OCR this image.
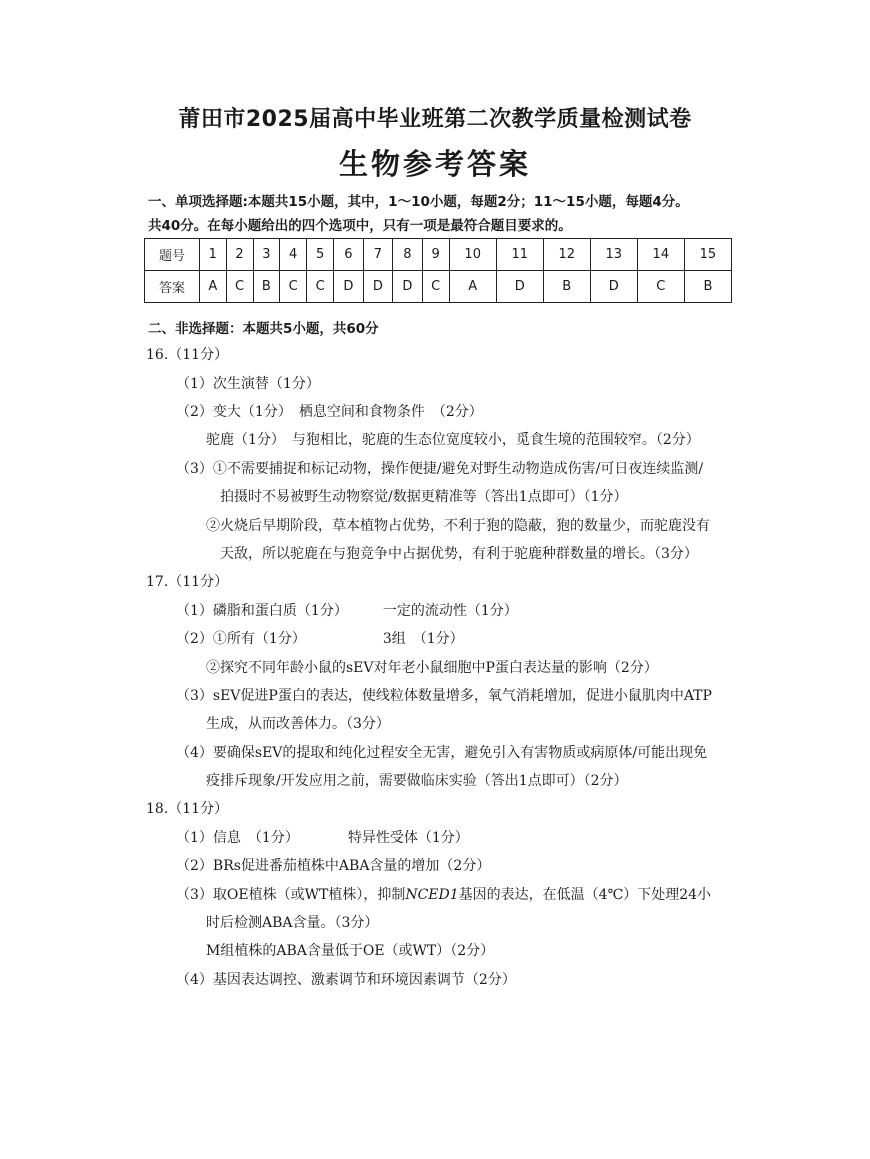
莆田市2025届高中毕业班第二次教学质量检测试卷
生物参考答案
一、单项选择题:本题共15小题，其中，1～10小题，每题2分；11～15小题，每题4分。
共40分。在每小题给出的四个选项中，只有一项是最符合题目要求的。
题号	1	2	3	4	5	6	7	8	9	10	11	12	13	14	15
答案	A	C	B	C	C	D	D	D	C	A	D	B	D	C	B
二、非选择题：本题共5小题，共60分
16.（11分）
（1）次生演替（1分）
（2）变大（1分）　栖息空间和食物条件　（2分）
驼鹿（1分）　与狍相比，驼鹿的生态位宽度较小，觅食生境的范围较窄。（2分）
（3）①不需要捕捉和标记动物，操作便捷/避免对野生动物造成伤害/可日夜连续监测/
拍摄时不易被野生动物察觉/数据更精准等（答出1点即可）（1分）
②火烧后早期阶段，草本植物占优势，不利于狍的隐蔽，狍的数量少，而驼鹿没有
天敌，所以驼鹿在与狍竞争中占据优势，有利于驼鹿种群数量的增长。（3分）
17.（11分）
（1）磷脂和蛋白质（1分）　　　一定的流动性（1分）
（2）①所有（1分）　　　　　　3组　（1分）
②探究不同年龄小鼠的sEV对年老小鼠细胞中P蛋白表达量的影响（2分）
（3）sEV促进P蛋白的表达，使线粒体数量增多，氧气消耗增加，促进小鼠肌肉中ATP
生成，从而改善体力。（3分）
（4）要确保sEV的提取和纯化过程安全无害，避免引入有害物质或病原体/可能出现免
疫排斥现象/开发应用之前，需要做临床实验（答出1点即可）（2分）
18.（11分）
（1）信息　（1分）　　　　特异性受体（1分）
（2）BRs促进番茄植株中ABA含量的增加（2分）
（3）取OE植株（或WT植株），抑制NCED1基因的表达，在低温（4℃）下处理24小
时后检测ABA含量。（3分）
M组植株的ABA含量低于OE（或WT）（2分）
（4）基因表达调控、激素调节和环境因素调节（2分）
